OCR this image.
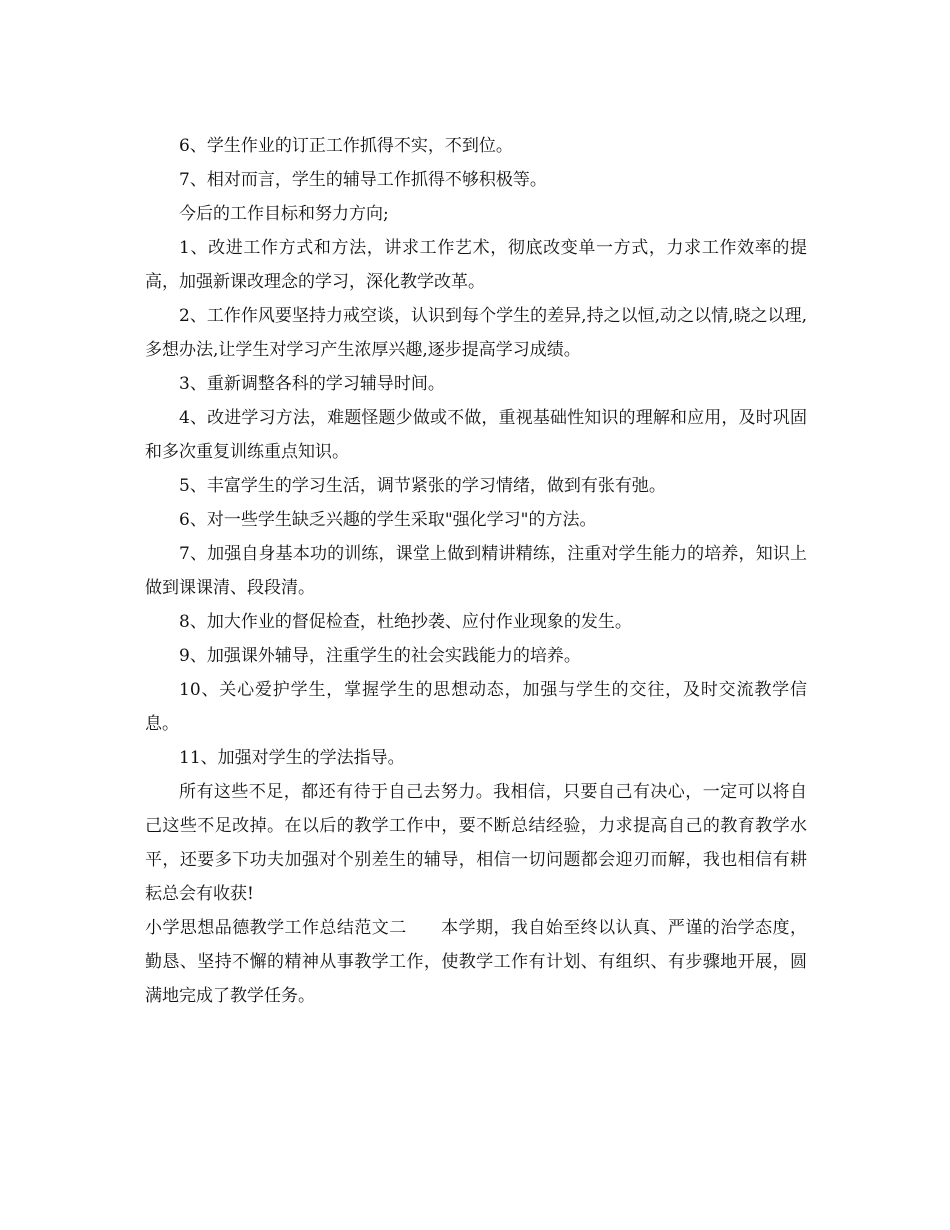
6、学生作业的订正工作抓得不实，不到位。

7、相对而言，学生的辅导工作抓得不够积极等。

今后的工作目标和努力方向;

1、改进工作方式和方法，讲求工作艺术，彻底改变单一方式，力求工作效率的提高，加强新课改理念的学习，深化教学改革。

2、工作作风要坚持力戒空谈，认识到每个学生的差异,持之以恒,动之以情,晓之以理,多想办法,让学生对学习产生浓厚兴趣,逐步提高学习成绩。

3、重新调整各科的学习辅导时间。

4、改进学习方法，难题怪题少做或不做，重视基础性知识的理解和应用，及时巩固和多次重复训练重点知识。

5、丰富学生的学习生活，调节紧张的学习情绪，做到有张有弛。

6、对一些学生缺乏兴趣的学生采取"强化学习"的方法。

7、加强自身基本功的训练，课堂上做到精讲精练，注重对学生能力的培养，知识上做到课课清、段段清。

8、加大作业的督促检查，杜绝抄袭、应付作业现象的发生。

9、加强课外辅导，注重学生的社会实践能力的培养。

10、关心爱护学生，掌握学生的思想动态，加强与学生的交往，及时交流教学信息。

11、加强对学生的学法指导。

所有这些不足，都还有待于自己去努力。我相信，只要自己有决心，一定可以将自己这些不足改掉。在以后的教学工作中，要不断总结经验，力求提高自己的教育教学水平，还要多下功夫加强对个别差生的辅导，相信一切问题都会迎刃而解，我也相信有耕耘总会有收获!

小学思想品德教学工作总结范文二 本学期，我自始至终以认真、严谨的治学态度，勤恳、坚持不懈的精神从事教学工作，使教学工作有计划、有组织、有步骤地开展，圆满地完成了教学任务。
